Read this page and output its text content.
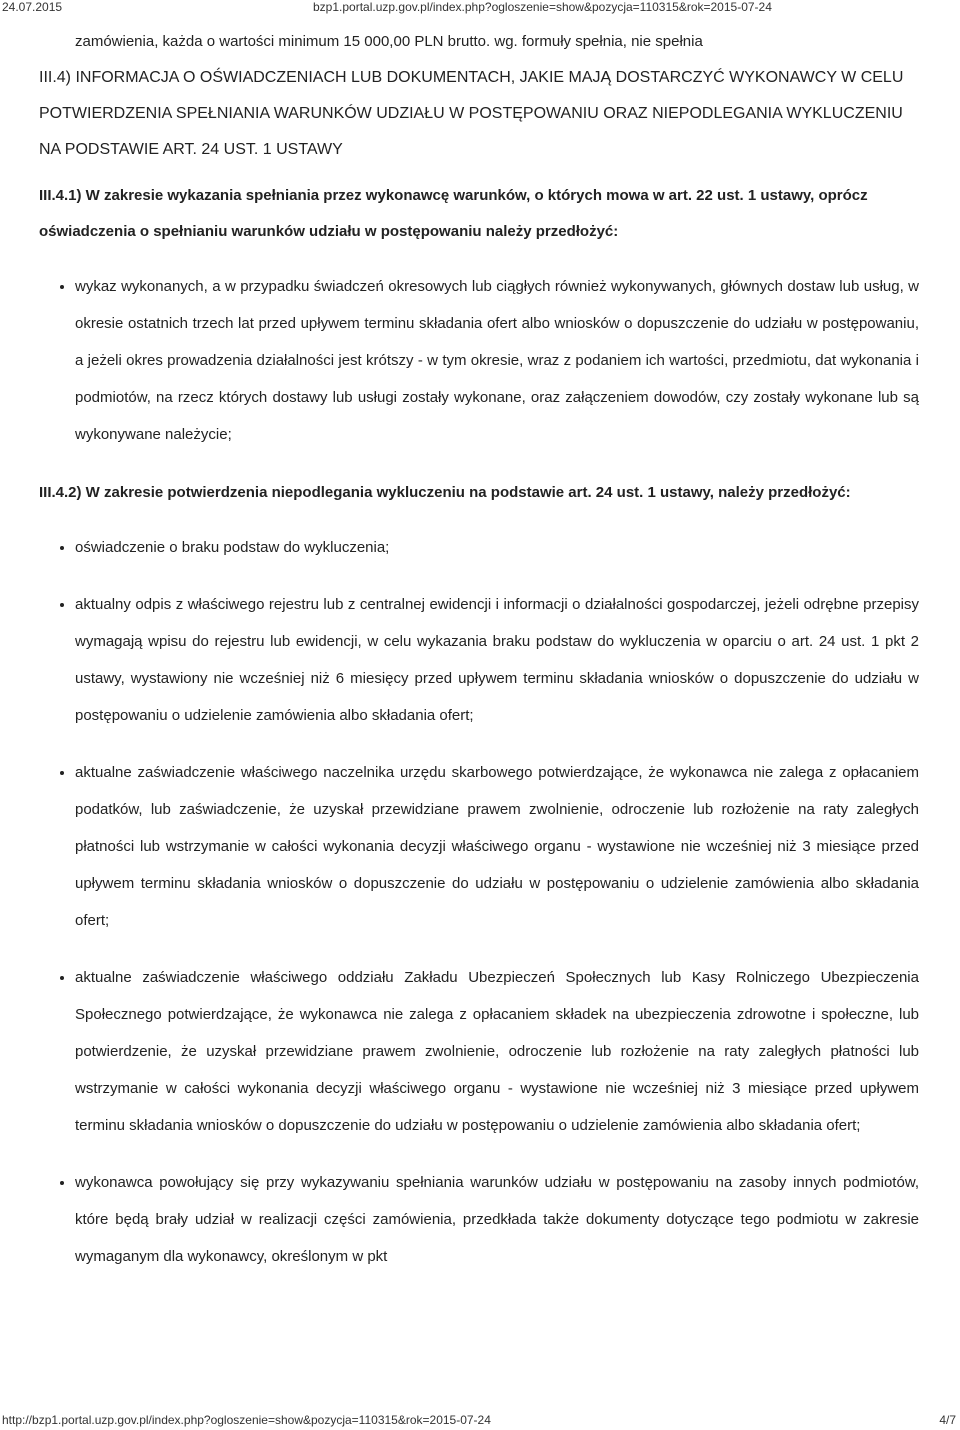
24.07.2015	bzp1.portal.uzp.gov.pl/index.php?ogloszenie=show&pozycja=110315&rok=2015-07-24

zamówienia, każda o wartości minimum 15 000,00 PLN brutto. wg. formuły spełnia, nie spełnia

III.4) INFORMACJA O OŚWIADCZENIACH LUB DOKUMENTACH, JAKIE MAJĄ DOSTARCZYĆ WYKONAWCY W CELU POTWIERDZENIA SPEŁNIANIA WARUNKÓW UDZIAŁU W POSTĘPOWANIU ORAZ NIEPODLEGANIA WYKLUCZENIU NA PODSTAWIE ART. 24 UST. 1 USTAWY

III.4.1) W zakresie wykazania spełniania przez wykonawcę warunków, o których mowa w art. 22 ust. 1 ustawy, oprócz oświadczenia o spełnianiu warunków udziału w postępowaniu należy przedłożyć:

• wykaz wykonanych, a w przypadku świadczeń okresowych lub ciągłych również wykonywanych, głównych dostaw lub usług, w okresie ostatnich trzech lat przed upływem terminu składania ofert albo wniosków o dopuszczenie do udziału w postępowaniu, a jeżeli okres prowadzenia działalności jest krótszy - w tym okresie, wraz z podaniem ich wartości, przedmiotu, dat wykonania i podmiotów, na rzecz których dostawy lub usługi zostały wykonane, oraz załączeniem dowodów, czy zostały wykonane lub są wykonywane należycie;

III.4.2) W zakresie potwierdzenia niepodlegania wykluczeniu na podstawie art. 24 ust. 1 ustawy, należy przedłożyć:

• oświadczenie o braku podstaw do wykluczenia;
• aktualny odpis z właściwego rejestru lub z centralnej ewidencji i informacji o działalności gospodarczej, jeżeli odrębne przepisy wymagają wpisu do rejestru lub ewidencji, w celu wykazania braku podstaw do wykluczenia w oparciu o art. 24 ust. 1 pkt 2 ustawy, wystawiony nie wcześniej niż 6 miesięcy przed upływem terminu składania wniosków o dopuszczenie do udziału w postępowaniu o udzielenie zamówienia albo składania ofert;
• aktualne zaświadczenie właściwego naczelnika urzędu skarbowego potwierdzające, że wykonawca nie zalega z opłacaniem podatków, lub zaświadczenie, że uzyskał przewidziane prawem zwolnienie, odroczenie lub rozłożenie na raty zaległych płatności lub wstrzymanie w całości wykonania decyzji właściwego organu - wystawione nie wcześniej niż 3 miesiące przed upływem terminu składania wniosków o dopuszczenie do udziału w postępowaniu o udzielenie zamówienia albo składania ofert;
• aktualne zaświadczenie właściwego oddziału Zakładu Ubezpieczeń Społecznych lub Kasy Rolniczego Ubezpieczenia Społecznego potwierdzające, że wykonawca nie zalega z opłacaniem składek na ubezpieczenia zdrowotne i społeczne, lub potwierdzenie, że uzyskał przewidziane prawem zwolnienie, odroczenie lub rozłożenie na raty zaległych płatności lub wstrzymanie w całości wykonania decyzji właściwego organu - wystawione nie wcześniej niż 3 miesiące przed upływem terminu składania wniosków o dopuszczenie do udziału w postępowaniu o udzielenie zamówienia albo składania ofert;
• wykonawca powołujący się przy wykazywaniu spełniania warunków udziału w postępowaniu na zasoby innych podmiotów, które będą brały udział w realizacji części zamówienia, przedkłada także dokumenty dotyczące tego podmiotu w zakresie wymaganym dla wykonawcy, określonym w pkt
http://bzp1.portal.uzp.gov.pl/index.php?ogloszenie=show&pozycja=110315&rok=2015-07-24	4/7
